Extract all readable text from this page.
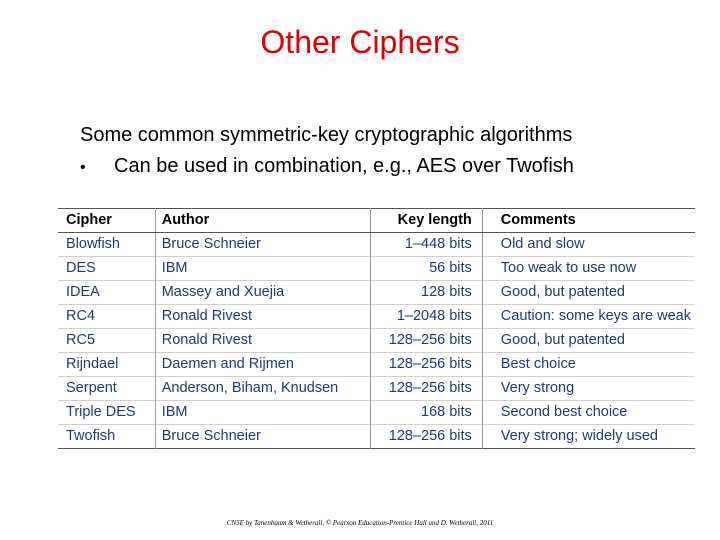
Other Ciphers
Some common symmetric-key cryptographic algorithms
• Can be used in combination, e.g., AES over Twofish
Cipher	Author	Key length	Comments
Blowfish	Bruce Schneier	1–448 bits	Old and slow
DES	IBM	56 bits	Too weak to use now
IDEA	Massey and Xuejia	128 bits	Good, but patented
RC4	Ronald Rivest	1–2048 bits	Caution: some keys are weak
RC5	Ronald Rivest	128–256 bits	Good, but patented
Rijndael	Daemen and Rijmen	128–256 bits	Best choice
Serpent	Anderson, Biham, Knudsen	128–256 bits	Very strong
Triple DES	IBM	168 bits	Second best choice
Twofish	Bruce Schneier	128–256 bits	Very strong; widely used
CN5E by Tanenbaum & Wetherall, © Pearson Education-Prentice Hall and D. Wetherall, 2011
